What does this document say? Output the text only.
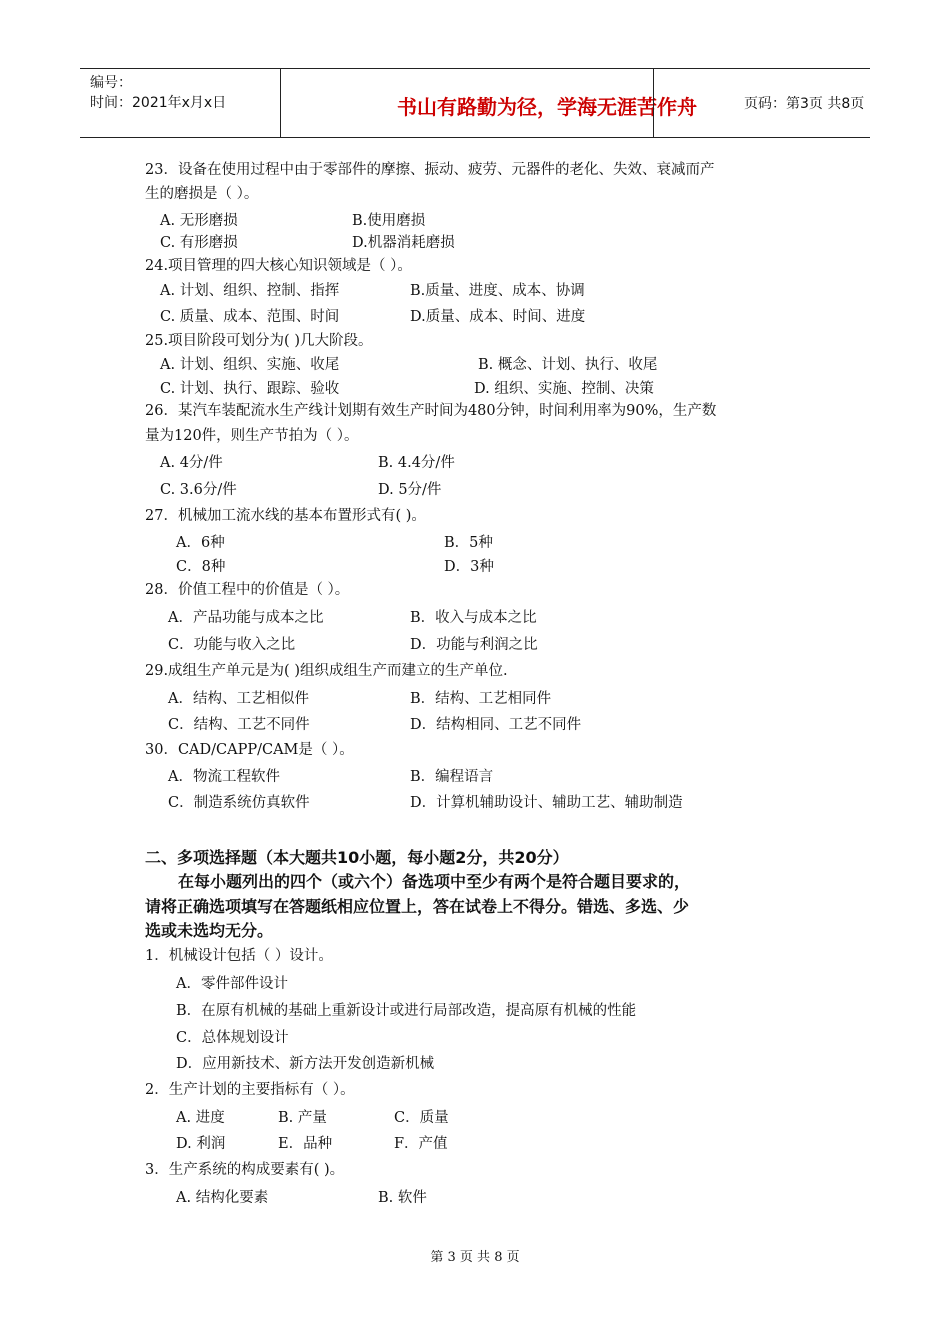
编号：
时间：2021年x月x日	书山有路勤为径，学海无涯苦作舟	页码：第3页 共8页
23．设备在使用过程中由于零部件的摩擦、振动、疲劳、元器件的老化、失效、衰减而产
生的磨损是（ ）。
A. 无形磨损	B.使用磨损
C. 有形磨损	D.机器消耗磨损
24.项目管理的四大核心知识领域是（ ）。
A. 计划、组织、控制、指挥	B.质量、进度、成本、协调
C. 质量、成本、范围、时间	D.质量、成本、时间、进度
25.项目阶段可划分为( )几大阶段。
A. 计划、组织、实施、收尾	B. 概念、计划、执行、收尾
C. 计划、执行、跟踪、验收	D. 组织、实施、控制、决策
26．某汽车装配流水生产线计划期有效生产时间为480分钟，时间利用率为90%，生产数
量为120件，则生产节拍为（ ）。
A. 4分/件	B. 4.4分/件
C. 3.6分/件	D. 5分/件
27．机械加工流水线的基本布置形式有( )。
A．6种	B．5种
C．8种	D．3种
28．价值工程中的价值是（ ）。
A．产品功能与成本之比	B．收入与成本之比
C．功能与收入之比	D．功能与利润之比
29.成组生产单元是为( )组织成组生产而建立的生产单位.
A．结构、工艺相似件	B．结构、工艺相同件
C．结构、工艺不同件	D．结构相同、工艺不同件
30．CAD/CAPP/CAM是（ ）。
A．物流工程软件	B．编程语言
C．制造系统仿真软件	D．计算机辅助设计、辅助工艺、辅助制造
二、多项选择题（本大题共10小题，每小题2分，共20分）
在每小题列出的四个（或六个）备选项中至少有两个是符合题目要求的，
请将正确选项填写在答题纸相应位置上，答在试卷上不得分。错选、多选、少
选或未选均无分。
1．机械设计包括（ ）设计。
A．零件部件设计
B．在原有机械的基础上重新设计或进行局部改造，提高原有机械的性能
C．总体规划设计
D．应用新技术、新方法开发创造新机械
2．生产计划的主要指标有（ ）。
A. 进度	B. 产量	C．质量
D. 利润	E．品种	F．产值
3．生产系统的构成要素有( )。
A. 结构化要素	B. 软件
第 3 页 共 8 页
